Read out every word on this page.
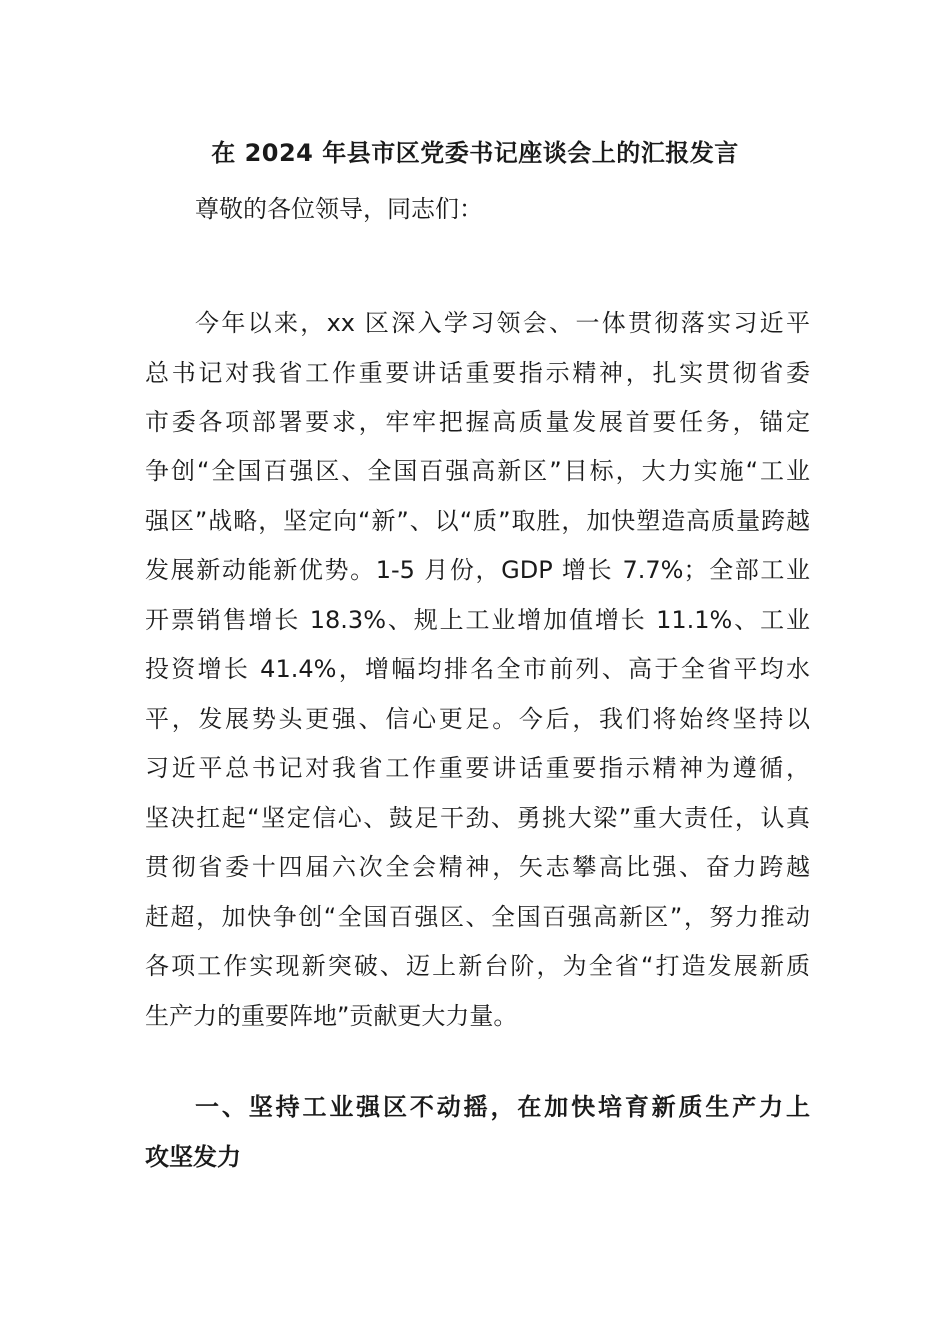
在 2024 年县市区党委书记座谈会上的汇报发言
尊敬的各位领导，同志们：
今年以来，xx 区深入学习领会、一体贯彻落实习近平
总书记对我省工作重要讲话重要指示精神，扎实贯彻省委
市委各项部署要求，牢牢把握高质量发展首要任务，锚定
争创“全国百强区、全国百强高新区”目标，大力实施“工业
强区”战略，坚定向“新”、以“质”取胜，加快塑造高质量跨越
发展新动能新优势。1-5 月份，GDP 增长 7.7%；全部工业
开票销售增长 18.3%、规上工业增加值增长 11.1%、工业
投资增长 41.4%，增幅均排名全市前列、高于全省平均水
平，发展势头更强、信心更足。今后，我们将始终坚持以
习近平总书记对我省工作重要讲话重要指示精神为遵循，
坚决扛起“坚定信心、鼓足干劲、勇挑大梁”重大责任，认真
贯彻省委十四届六次全会精神，矢志攀高比强、奋力跨越
赶超，加快争创“全国百强区、全国百强高新区”，努力推动
各项工作实现新突破、迈上新台阶，为全省“打造发展新质
生产力的重要阵地”贡献更大力量。
一、坚持工业强区不动摇，在加快培育新质生产力上
攻坚发力
